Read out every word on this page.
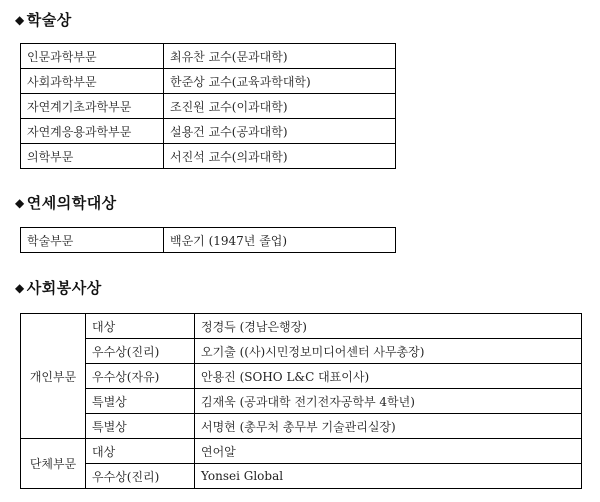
◆ 학술상
인문과학부문	최유찬 교수(문과대학)
사회과학부문	한준상 교수(교육과학대학)
자연계기초과학부문	조진원 교수(이과대학)
자연계응용과학부문	설용건 교수(공과대학)
의학부문	서진석 교수(의과대학)
◆ 연세의학대상
학술부문	백운기 (1947년 졸업)
◆ 사회봉사상
개인부문	대상	정경득 (경남은행장)
	우수상(진리)	오기출 ((사)시민정보미디어센터 사무총장)
	우수상(자유)	안용진 (SOHO L&C 대표이사)
	특별상	김재욱 (공과대학 전기전자공학부 4학년)
	특별상	서명현 (총무처 총무부 기술관리실장)
단체부문	대상	연어알
	우수상(진리)	Yonsei Global
